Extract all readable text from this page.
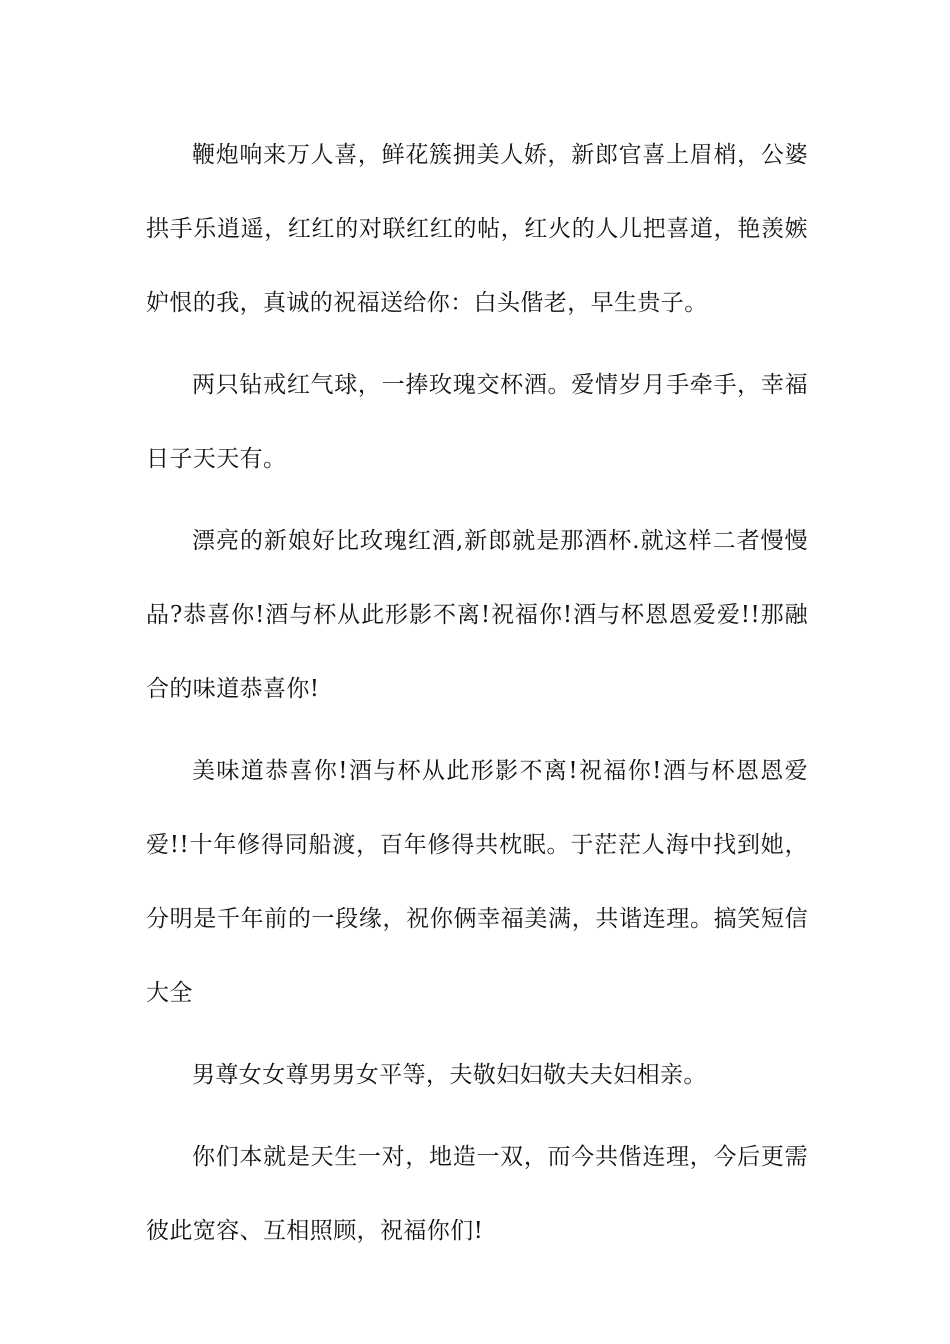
鞭炮响来万人喜，鲜花簇拥美人娇，新郎官喜上眉梢，公婆拱手乐逍遥，红红的对联红红的帖，红火的人儿把喜道，艳羡嫉妒恨的我，真诚的祝福送给你：白头偕老，早生贵子。

两只钻戒红气球，一捧玫瑰交杯酒。爱情岁月手牵手，幸福日子天天有。

漂亮的新娘好比玫瑰红酒,新郎就是那酒杯.就这样二者慢慢品?恭喜你!酒与杯从此形影不离!祝福你!酒与杯恩恩爱爱!!那融合的味道恭喜你!

美味道恭喜你!酒与杯从此形影不离!祝福你!酒与杯恩恩爱爱!!十年修得同船渡，百年修得共枕眠。于茫茫人海中找到她，分明是千年前的一段缘，祝你俩幸福美满，共谐连理。搞笑短信大全

男尊女女尊男男女平等，夫敬妇妇敬夫夫妇相亲。

你们本就是天生一对，地造一双，而今共偕连理，今后更需彼此宽容、互相照顾，祝福你们!
